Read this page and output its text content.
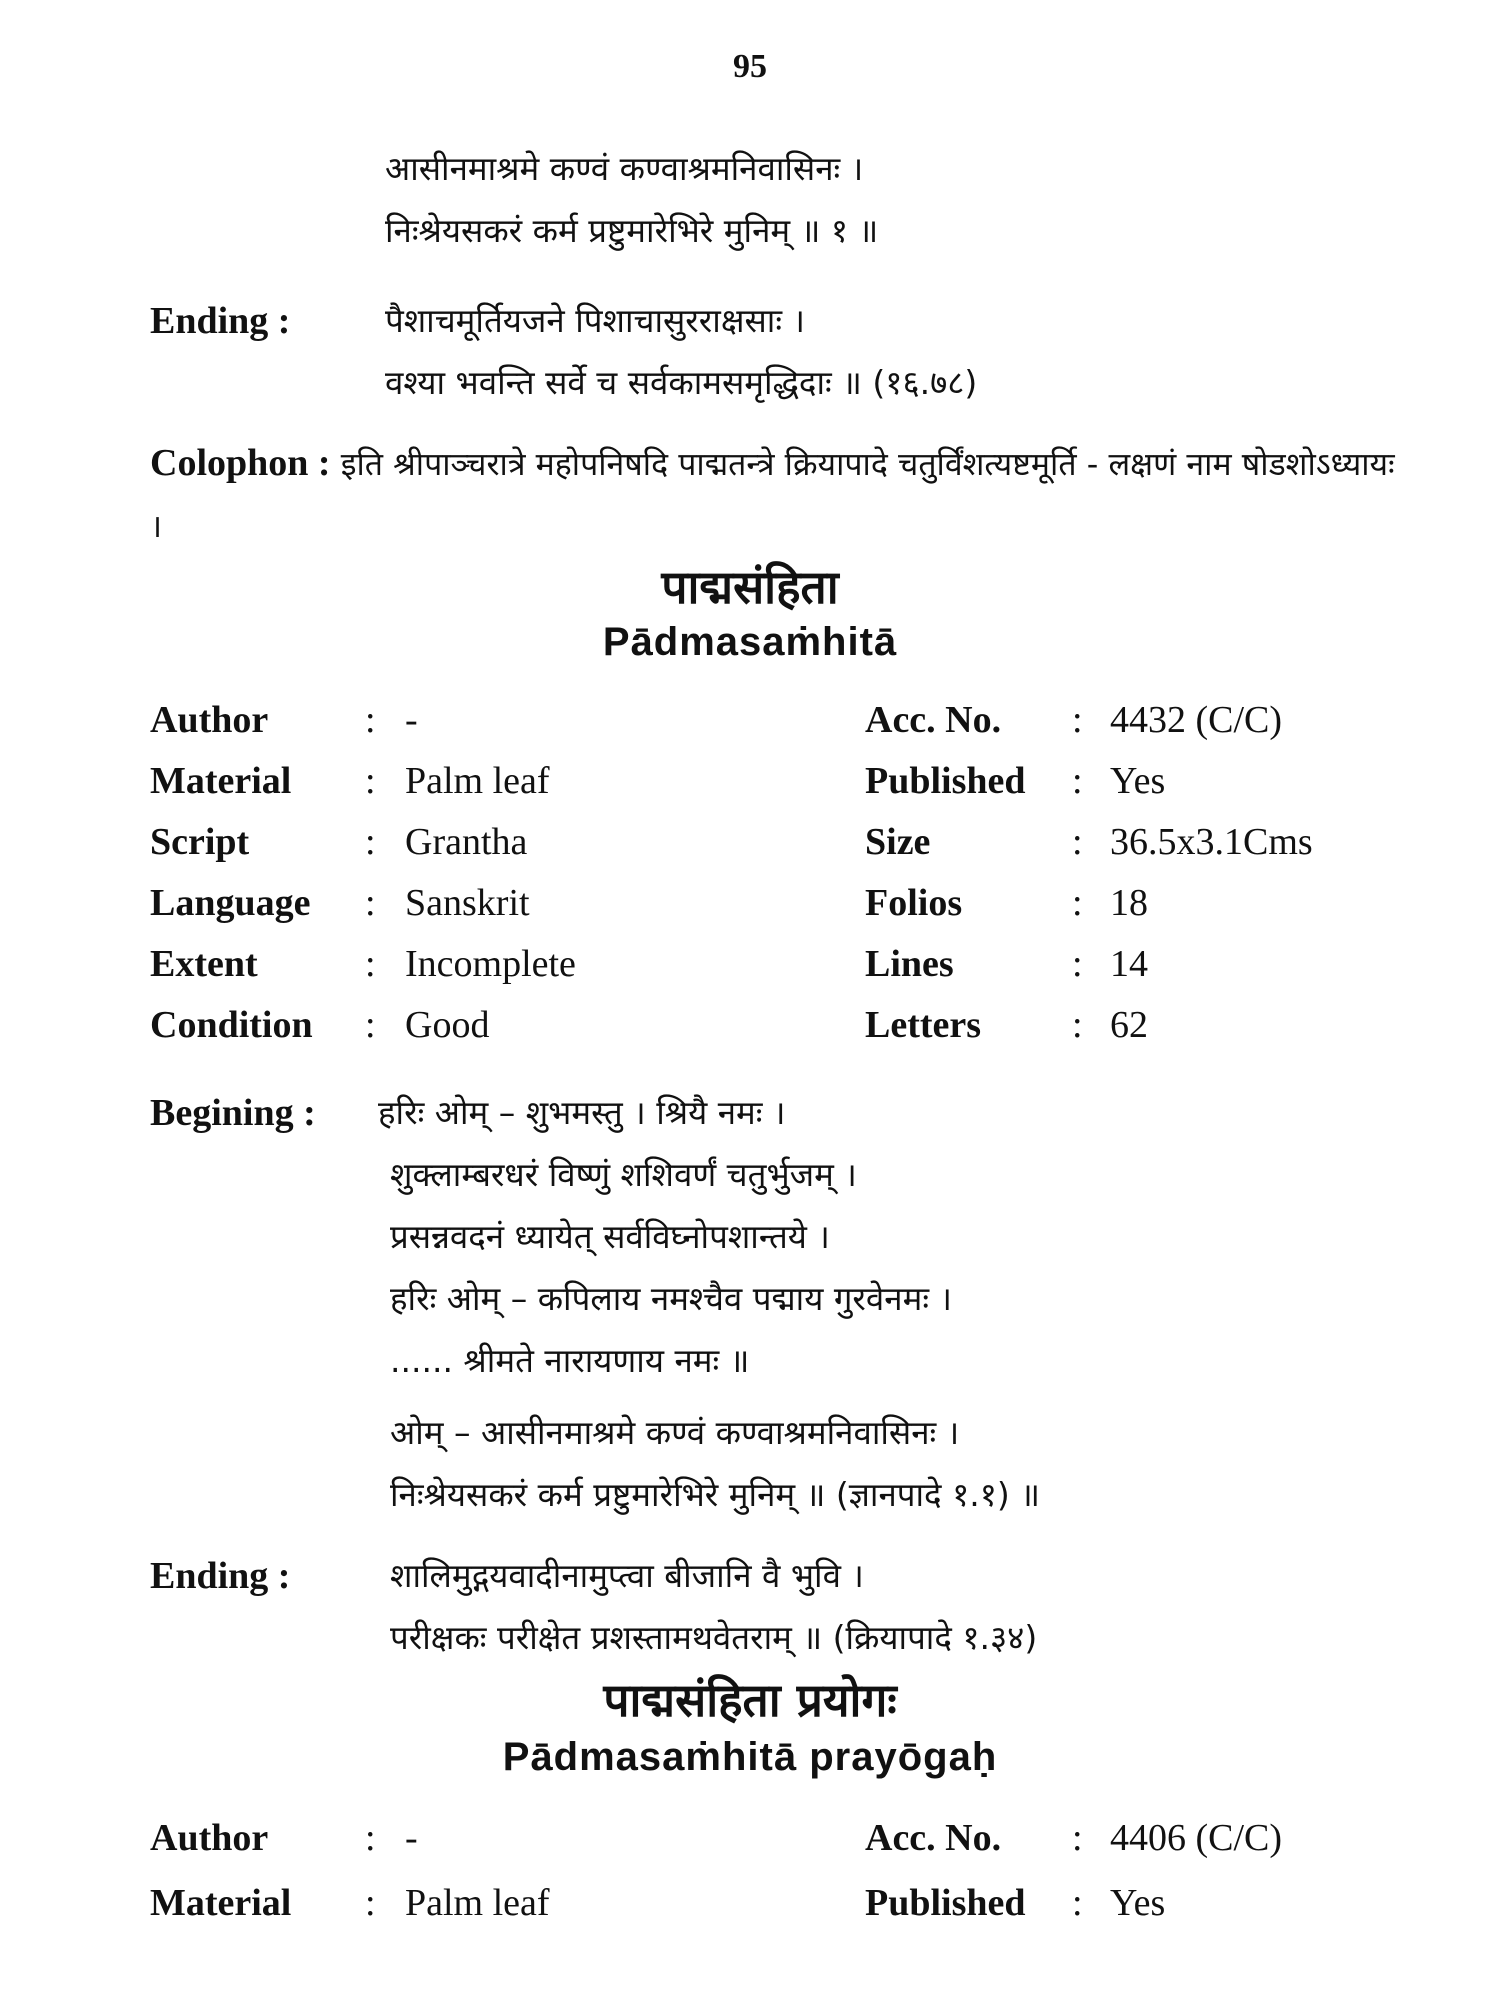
95
आसीनमाश्रमे कण्वं कण्वाश्रमनिवासिनः ।
निःश्रेयसकरं कर्म प्रष्टुमारेभिरे मुनिम् ॥ १ ॥
Ending :	पैशाचमूर्तियजने पिशाचासुरराक्षसाः ।
वश्या भवन्ति सर्वे च सर्वकामसमृद्धिदाः ॥ (१६.७८)
Colophon : इति श्रीपाञ्चरात्रे महोपनिषदि पाद्मतन्त्रे क्रियापादे चतुर्विंशत्यष्टमूर्ति - लक्षणं नाम षोडशोऽध्यायः ।
पाद्मसंहिता
Pādmasaṁhitā
Author	: -	Acc. No. : 4432 (C/C)
Material : Palm leaf	Published : Yes
Script	: Grantha	Size	: 36.5x3.1Cms
Language : Sanskrit	Folios	: 18
Extent	: Incomplete	Lines	: 14
Condition : Good	Letters : 62
Begining : हरिः ओम् – शुभमस्तु । श्रियै नमः ।
शुक्लाम्बरधरं विष्णुं शशिवर्णं चतुर्भुजम् ।
प्रसन्नवदनं ध्यायेत् सर्वविघ्नोपशान्तये ।
हरिः ओम् – कपिलाय नमश्चैव पद्माय गुरवेनमः ।
...... श्रीमते नारायणाय नमः ॥
ओम् – आसीनमाश्रमे कण्वं कण्वाश्रमनिवासिनः ।
निःश्रेयसकरं कर्म प्रष्टुमारेभिरे मुनिम् ॥ (ज्ञानपादे १.१) ॥
Ending :	शालिमुद्गयवादीनामुप्त्वा बीजानि वै भुवि ।
परीक्षकः परीक्षेत प्रशस्तामथवेतराम् ॥ (क्रियापादे १.३४)
पाद्मसंहिता प्रयोगः
Pādmasaṁhitā prayōgaḥ
Author	: -	Acc. No. : 4406 (C/C)
Material : Palm leaf	Published : Yes
